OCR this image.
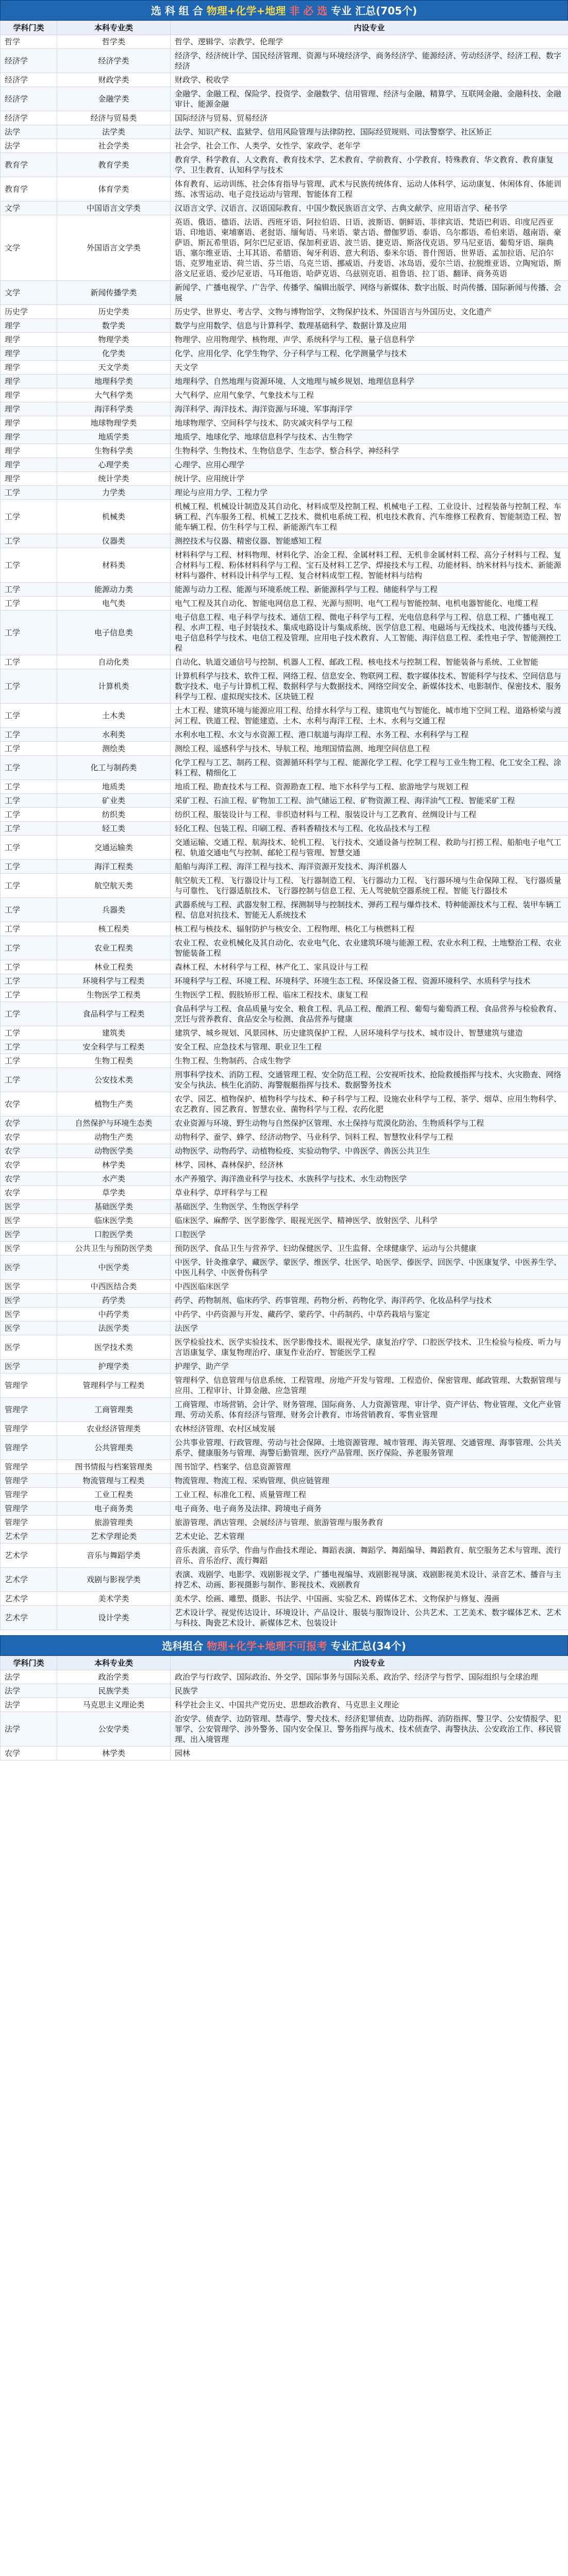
选 科 组 合 物理+化学+地理 非 必 选 专业 汇总(705个)
学科门类	本科专业类	内设专业
哲学	哲学类	哲学、逻辑学、宗教学、伦理学
经济学	经济学类	经济学、经济统计学、国民经济管理、资源与环境经济学、商务经济学、能源经济、劳动经济学、经济工程、数字经济
经济学	财政学类	财政学、税收学
经济学	金融学类	金融学、金融工程、保险学、投资学、金融数学、信用管理、经济与金融、精算学、互联网金融、金融科技、金融审计、能源金融
经济学	经济与贸易类	国际经济与贸易、贸易经济
法学	法学类	法学、知识产权、监狱学、信用风险管理与法律防控、国际经贸规则、司法警察学、社区矫正
法学	社会学类	社会学、社会工作、人类学、女性学、家政学、老年学
教育学	教育学类	教育学、科学教育、人文教育、教育技术学、艺术教育、学前教育、小学教育、特殊教育、华文教育、教育康复学、卫生教育、认知科学与技术
教育学	体育学类	体育教育、运动训练、社会体育指导与管理、武术与民族传统体育、运动人体科学、运动康复、休闲体育、体能训练、冰雪运动、电子竞技运动与管理、智能体育工程
文学	中国语言文学类	汉语言文学、汉语言、汉语国际教育、中国少数民族语言文学、古典文献学、应用语言学、秘书学
文学	外国语言文学类	英语、俄语、德语、法语、西班牙语、阿拉伯语、日语、波斯语、朝鲜语、菲律宾语、梵语巴利语、印度尼西亚语、印地语、柬埔寨语、老挝语、缅甸语、马来语、蒙古语、僧伽罗语、泰语、乌尔都语、希伯来语、越南语、豪萨语、斯瓦希里语、阿尔巴尼亚语、保加利亚语、波兰语、捷克语、斯洛伐克语、罗马尼亚语、葡萄牙语、瑞典语、塞尔维亚语、土耳其语、希腊语、匈牙利语、意大利语、泰米尔语、普什图语、世界语、孟加拉语、尼泊尔语、克罗地亚语、荷兰语、芬兰语、乌克兰语、挪威语、丹麦语、冰岛语、爱尔兰语、拉脱维亚语、立陶宛语、斯洛文尼亚语、爱沙尼亚语、马耳他语、哈萨克语、乌兹别克语、祖鲁语、拉丁语、翻译、商务英语
文学	新闻传播学类	新闻学、广播电视学、广告学、传播学、编辑出版学、网络与新媒体、数字出版、时尚传播、国际新闻与传播、会展
历史学	历史学类	历史学、世界史、考古学、文物与博物馆学、文物保护技术、外国语言与外国历史、文化遗产
理学	数学类	数学与应用数学、信息与计算科学、数理基础科学、数据计算及应用
理学	物理学类	物理学、应用物理学、核物理、声学、系统科学与工程、量子信息科学
理学	化学类	化学、应用化学、化学生物学、分子科学与工程、化学测量学与技术
理学	天文学类	天文学
理学	地理科学类	地理科学、自然地理与资源环境、人文地理与城乡规划、地理信息科学
理学	大气科学类	大气科学、应用气象学、气象技术与工程
理学	海洋科学类	海洋科学、海洋技术、海洋资源与环境、军事海洋学
理学	地球物理学类	地球物理学、空间科学与技术、防灾减灾科学与工程
理学	地质学类	地质学、地球化学、地球信息科学与技术、古生物学
理学	生物科学类	生物科学、生物技术、生物信息学、生态学、整合科学、神经科学
理学	心理学类	心理学、应用心理学
理学	统计学类	统计学、应用统计学
工学	力学类	理论与应用力学、工程力学
工学	机械类	机械工程、机械设计制造及其自动化、材料成型及控制工程、机械电子工程、工业设计、过程装备与控制工程、车辆工程、汽车服务工程、机械工艺技术、微机电系统工程、机电技术教育、汽车维修工程教育、智能制造工程、智能车辆工程、仿生科学与工程、新能源汽车工程
工学	仪器类	测控技术与仪器、精密仪器、智能感知工程
工学	材料类	材料科学与工程、材料物理、材料化学、冶金工程、金属材料工程、无机非金属材料工程、高分子材料与工程、复合材料与工程、粉体材料科学与工程、宝石及材料工艺学、焊接技术与工程、功能材料、纳米材料与技术、新能源材料与器件、材料设计科学与工程、复合材料成型工程、智能材料与结构
工学	能源动力类	能源与动力工程、能源与环境系统工程、新能源科学与工程、储能科学与工程
工学	电气类	电气工程及其自动化、智能电网信息工程、光源与照明、电气工程与智能控制、电机电器智能化、电缆工程
工学	电子信息类	电子信息工程、电子科学与技术、通信工程、微电子科学与工程、光电信息科学与工程、信息工程、广播电视工程、水声工程、电子封装技术、集成电路设计与集成系统、医学信息工程、电磁场与无线技术、电波传播与天线、电子信息科学与技术、电信工程及管理、应用电子技术教育、人工智能、海洋信息工程、柔性电子学、智能测控工程
工学	自动化类	自动化、轨道交通信号与控制、机器人工程、邮政工程、核电技术与控制工程、智能装备与系统、工业智能
工学	计算机类	计算机科学与技术、软件工程、网络工程、信息安全、物联网工程、数字媒体技术、智能科学与技术、空间信息与数字技术、电子与计算机工程、数据科学与大数据技术、网络空间安全、新媒体技术、电影制作、保密技术、服务科学与工程、虚拟现实技术、区块链工程
工学	土木类	土木工程、建筑环境与能源应用工程、给排水科学与工程、建筑电气与智能化、城市地下空间工程、道路桥梁与渡河工程、铁道工程、智能建造、土木、水利与海洋工程、土木、水利与交通工程
工学	水利类	水利水电工程、水文与水资源工程、港口航道与海岸工程、水务工程、水利科学与工程
工学	测绘类	测绘工程、遥感科学与技术、导航工程、地理国情监测、地理空间信息工程
工学	化工与制药类	化学工程与工艺、制药工程、资源循环科学与工程、能源化学工程、化学工程与工业生物工程、化工安全工程、涂料工程、精细化工
工学	地质类	地质工程、勘查技术与工程、资源勘查工程、地下水科学与工程、旅游地学与规划工程
工学	矿业类	采矿工程、石油工程、矿物加工工程、油气储运工程、矿物资源工程、海洋油气工程、智能采矿工程
工学	纺织类	纺织工程、服装设计与工程、非织造材料与工程、服装设计与工艺教育、丝绸设计与工程
工学	轻工类	轻化工程、包装工程、印刷工程、香料香精技术与工程、化妆品技术与工程
工学	交通运输类	交通运输、交通工程、航海技术、轮机工程、飞行技术、交通设备与控制工程、救助与打捞工程、船舶电子电气工程、轨道交通电气与控制、邮轮工程与管理、智慧交通
工学	海洋工程类	船舶与海洋工程、海洋工程与技术、海洋资源开发技术、海洋机器人
工学	航空航天类	航空航天工程、飞行器设计与工程、飞行器制造工程、飞行器动力工程、飞行器环境与生命保障工程、飞行器质量与可靠性、飞行器适航技术、飞行器控制与信息工程、无人驾驶航空器系统工程、智能飞行器技术
工学	兵器类	武器系统与工程、武器发射工程、探测制导与控制技术、弹药工程与爆炸技术、特种能源技术与工程、装甲车辆工程、信息对抗技术、智能无人系统技术
工学	核工程类	核工程与核技术、辐射防护与核安全、工程物理、核化工与核燃料工程
工学	农业工程类	农业工程、农业机械化及其自动化、农业电气化、农业建筑环境与能源工程、农业水利工程、土地整治工程、农业智能装备工程
工学	林业工程类	森林工程、木材科学与工程、林产化工、家具设计与工程
工学	环境科学与工程类	环境科学与工程、环境工程、环境科学、环境生态工程、环保设备工程、资源环境科学、水质科学与技术
工学	生物医学工程类	生物医学工程、假肢矫形工程、临床工程技术、康复工程
工学	食品科学与工程类	食品科学与工程、食品质量与安全、粮食工程、乳品工程、酿酒工程、葡萄与葡萄酒工程、食品营养与检验教育、烹饪与营养教育、食品安全与检测、食品营养与健康
工学	建筑类	建筑学、城乡规划、风景园林、历史建筑保护工程、人居环境科学与技术、城市设计、智慧建筑与建造
工学	安全科学与工程类	安全工程、应急技术与管理、职业卫生工程
工学	生物工程类	生物工程、生物制药、合成生物学
工学	公安技术类	刑事科学技术、消防工程、交通管理工程、安全防范工程、公安视听技术、抢险救援指挥与技术、火灾勘查、网络安全与执法、核生化消防、海警舰艇指挥与技术、数据警务技术
农学	植物生产类	农学、园艺、植物保护、植物科学与技术、种子科学与工程、设施农业科学与工程、茶学、烟草、应用生物科学、农艺教育、园艺教育、智慧农业、菌物科学与工程、农药化肥
农学	自然保护与环境生态类	农业资源与环境、野生动物与自然保护区管理、水土保持与荒漠化防治、生物质科学与工程
农学	动物生产类	动物科学、蚕学、蜂学、经济动物学、马业科学、饲料工程、智慧牧业科学与工程
农学	动物医学类	动物医学、动物药学、动植物检疫、实验动物学、中兽医学、兽医公共卫生
农学	林学类	林学、园林、森林保护、经济林
农学	水产类	水产养殖学、海洋渔业科学与技术、水族科学与技术、水生动物医学
农学	草学类	草业科学、草坪科学与工程
医学	基础医学类	基础医学、生物医学、生物医学科学
医学	临床医学类	临床医学、麻醉学、医学影像学、眼视光医学、精神医学、放射医学、儿科学
医学	口腔医学类	口腔医学
医学	公共卫生与预防医学类	预防医学、食品卫生与营养学、妇幼保健医学、卫生监督、全球健康学、运动与公共健康
医学	中医学类	中医学、针灸推拿学、藏医学、蒙医学、维医学、壮医学、哈医学、傣医学、回医学、中医康复学、中医养生学、中医儿科学、中医骨伤科学
医学	中西医结合类	中西医临床医学
医学	药学类	药学、药物制剂、临床药学、药事管理、药物分析、药物化学、海洋药学、化妆品科学与技术
医学	中药学类	中药学、中药资源与开发、藏药学、蒙药学、中药制药、中草药栽培与鉴定
医学	法医学类	法医学
医学	医学技术类	医学检验技术、医学实验技术、医学影像技术、眼视光学、康复治疗学、口腔医学技术、卫生检验与检疫、听力与言语康复学、康复物理治疗、康复作业治疗、智能医学工程
医学	护理学类	护理学、助产学
管理学	管理科学与工程类	管理科学、信息管理与信息系统、工程管理、房地产开发与管理、工程造价、保密管理、邮政管理、大数据管理与应用、工程审计、计算金融、应急管理
管理学	工商管理类	工商管理、市场营销、会计学、财务管理、国际商务、人力资源管理、审计学、资产评估、物业管理、文化产业管理、劳动关系、体育经济与管理、财务会计教育、市场营销教育、零售业管理
管理学	农业经济管理类	农林经济管理、农村区域发展
管理学	公共管理类	公共事业管理、行政管理、劳动与社会保障、土地资源管理、城市管理、海关管理、交通管理、海事管理、公共关系学、健康服务与管理、海警后勤管理、医疗产品管理、医疗保险、养老服务管理
管理学	图书情报与档案管理类	图书馆学、档案学、信息资源管理
管理学	物流管理与工程类	物流管理、物流工程、采购管理、供应链管理
管理学	工业工程类	工业工程、标准化工程、质量管理工程
管理学	电子商务类	电子商务、电子商务及法律、跨境电子商务
管理学	旅游管理类	旅游管理、酒店管理、会展经济与管理、旅游管理与服务教育
艺术学	艺术学理论类	艺术史论、艺术管理
艺术学	音乐与舞蹈学类	音乐表演、音乐学、作曲与作曲技术理论、舞蹈表演、舞蹈学、舞蹈编导、舞蹈教育、航空服务艺术与管理、流行音乐、音乐治疗、流行舞蹈
艺术学	戏剧与影视学类	表演、戏剧学、电影学、戏剧影视文学、广播电视编导、戏剧影视导演、戏剧影视美术设计、录音艺术、播音与主持艺术、动画、影视摄影与制作、影视技术、戏剧教育
艺术学	美术学类	美术学、绘画、雕塑、摄影、书法学、中国画、实验艺术、跨媒体艺术、文物保护与修复、漫画
艺术学	设计学类	艺术设计学、视觉传达设计、环境设计、产品设计、服装与服饰设计、公共艺术、工艺美术、数字媒体艺术、艺术与科技、陶瓷艺术设计、新媒体艺术、包装设计
选科组合 物理+化学+地理不可报考 专业汇总(34个)
学科门类	本科专业类	内设专业
法学	政治学类	政治学与行政学、国际政治、外交学、国际事务与国际关系、政治学、经济学与哲学、国际组织与全球治理
法学	民族学类	民族学
法学	马克思主义理论类	科学社会主义、中国共产党历史、思想政治教育、马克思主义理论
法学	公安学类	治安学、侦查学、边防管理、禁毒学、警犬技术、经济犯罪侦查、边防指挥、消防指挥、警卫学、公安情报学、犯罪学、公安管理学、涉外警务、国内安全保卫、警务指挥与战术、技术侦查学、海警执法、公安政治工作、移民管理、出入境管理
农学	林学类	园林
